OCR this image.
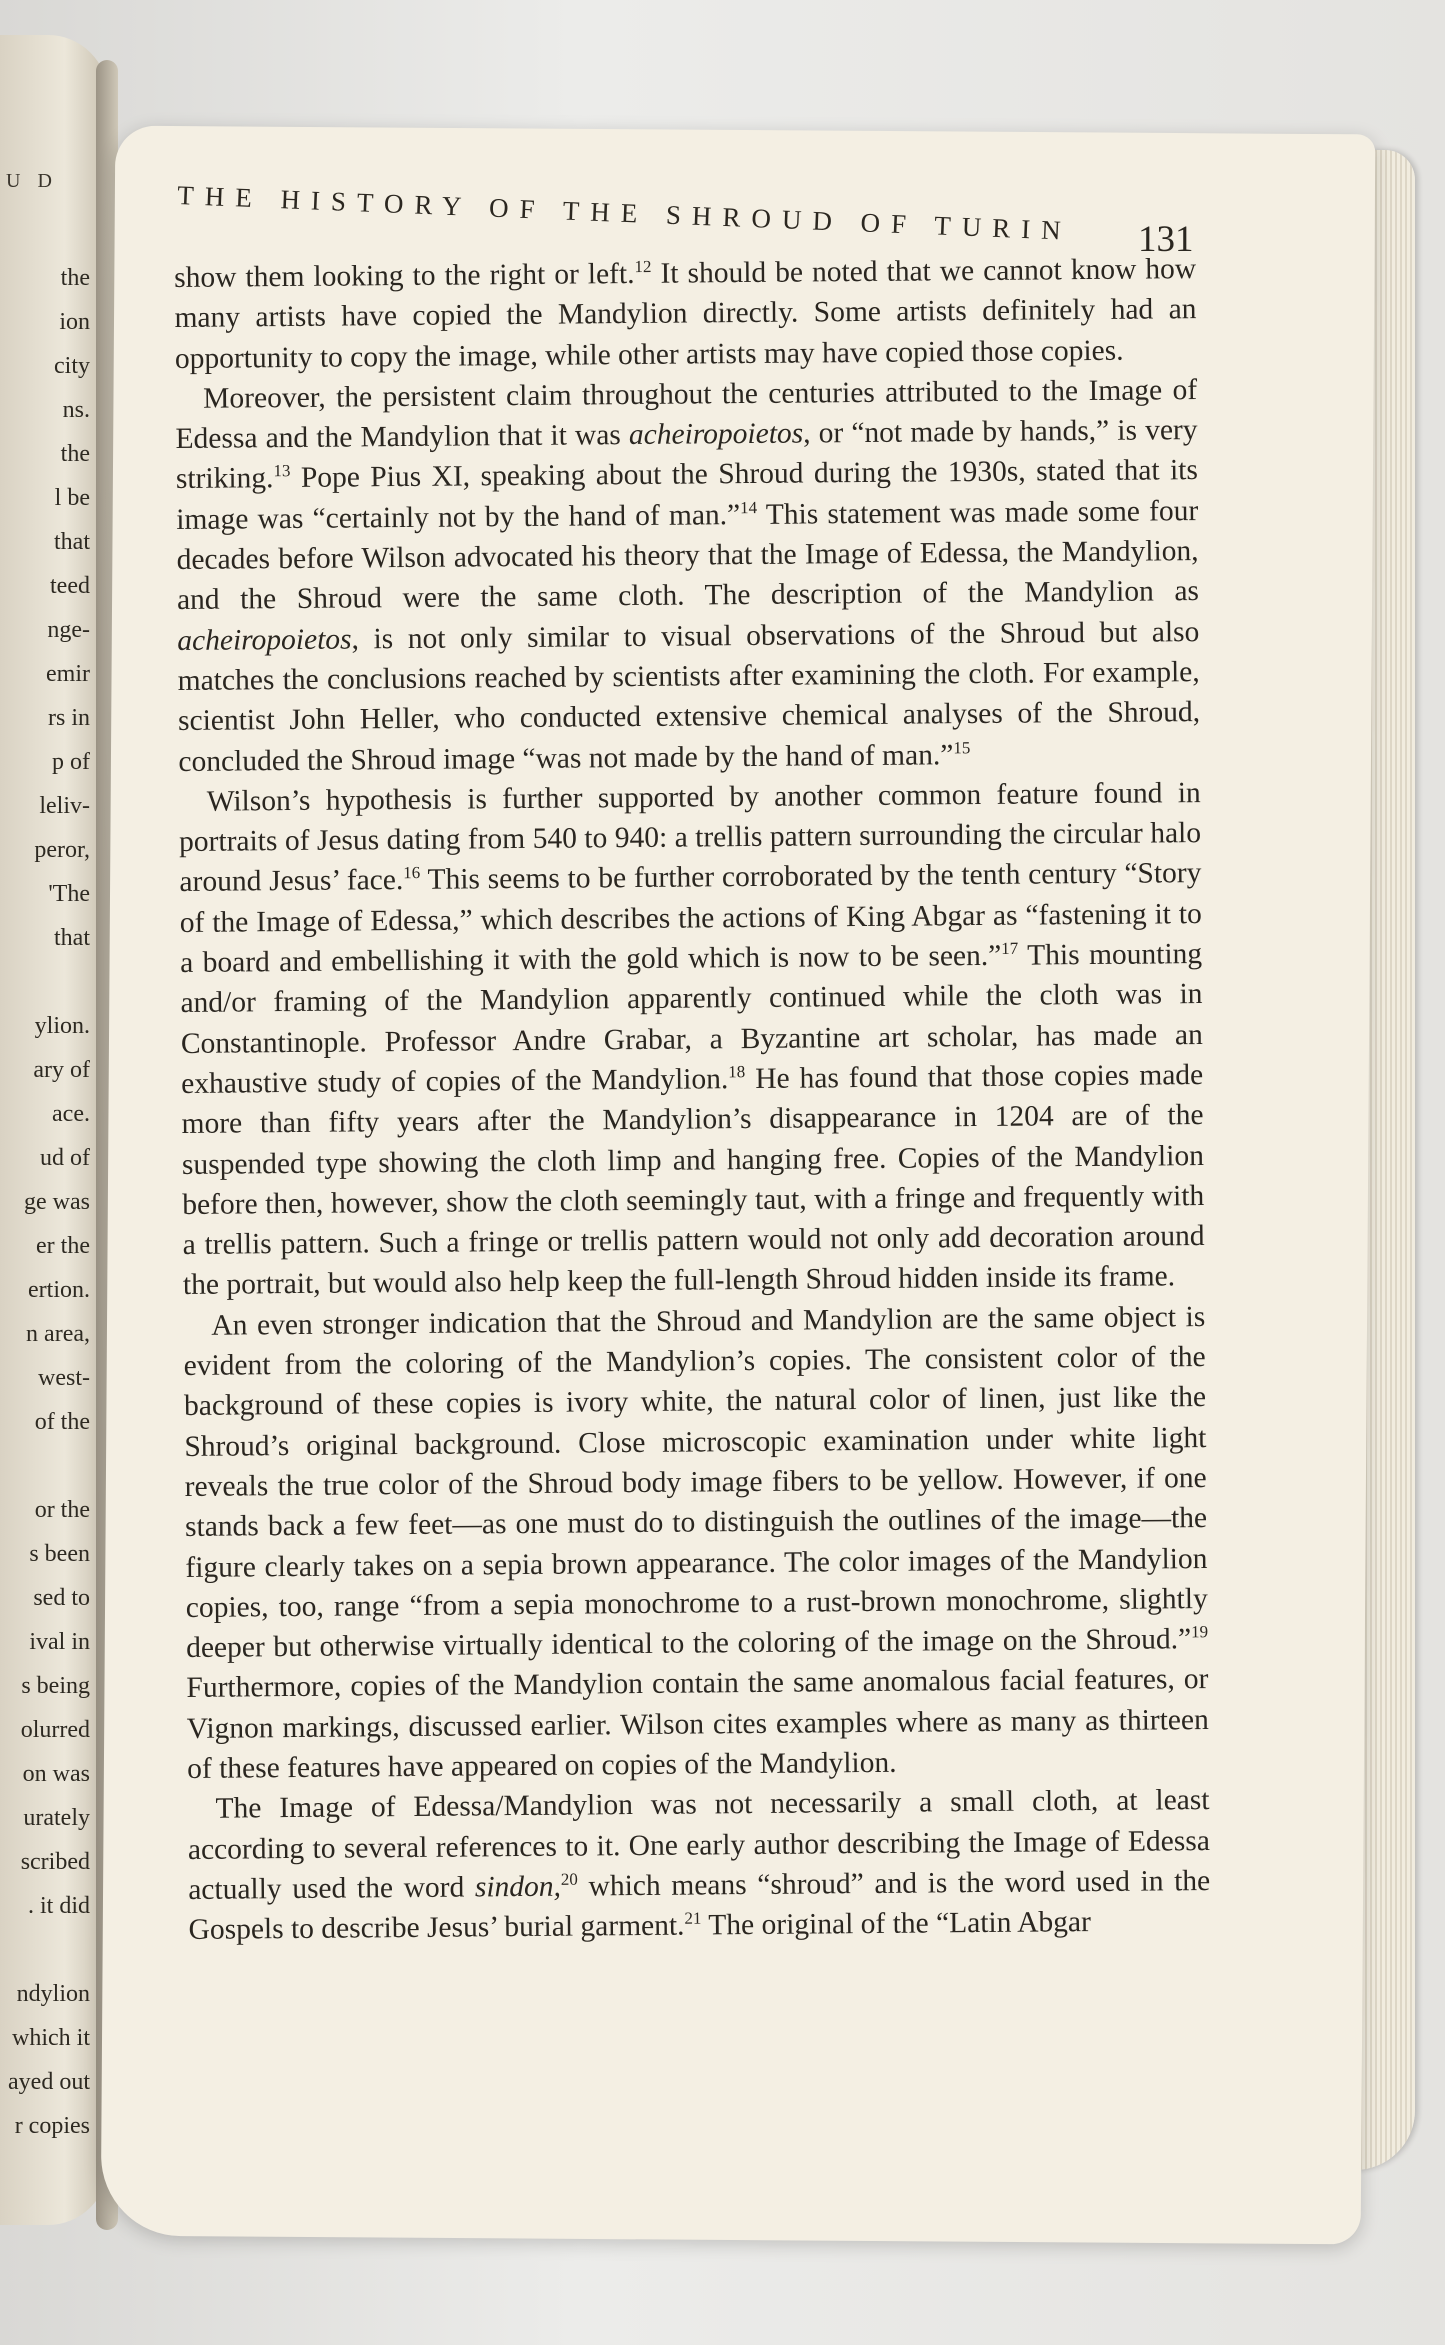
U D
the
ion
city
ns.
the
l be
that
teed
nge-
emir
rs in
p of
leliv-
peror,
'The
that
ylion.
ary of
ace.
ud of
ge was
er the
ertion.
n area,
west-
of the
or the
s been
sed to
ival in
s being
olurred
on was
urately
scribed
. it did
ndylion
which it
ayed out
r copies
THE HISTORY OF THE SHROUD OF TURIN 131

show them looking to the right or left.$^{12}$ It should be noted that we cannot know how many artists have copied the Mandylion directly. Some artists definitely had an opportunity to copy the image, while other artists may have copied those copies.

Moreover, the persistent claim throughout the centuries attributed to the Image of Edessa and the Mandylion that it was acheiropoietos, or “not made by hands,” is very striking.$^{13}$ Pope Pius XI, speaking about the Shroud during the 1930s, stated that its image was “certainly not by the hand of man.”$^{14}$ This statement was made some four decades before Wilson advocated his theory that the Image of Edessa, the Mandylion, and the Shroud were the same cloth. The description of the Mandylion as acheiropoietos, is not only similar to visual observations of the Shroud but also matches the conclusions reached by scientists after examining the cloth. For example, scientist John Heller, who conducted extensive chemical analyses of the Shroud, concluded the Shroud image “was not made by the hand of man.”$^{15}$

Wilson’s hypothesis is further supported by another common feature found in portraits of Jesus dating from 540 to 940: a trellis pattern surrounding the circular halo around Jesus’ face.$^{16}$ This seems to be further corroborated by the tenth century “Story of the Image of Edessa,” which describes the actions of King Abgar as “fastening it to a board and embellishing it with the gold which is now to be seen.”$^{17}$ This mounting and/or framing of the Mandylion apparently continued while the cloth was in Constantinople. Professor Andre Grabar, a Byzantine art scholar, has made an exhaustive study of copies of the Mandylion.$^{18}$ He has found that those copies made more than fifty years after the Mandylion’s disappearance in 1204 are of the suspended type showing the cloth limp and hanging free. Copies of the Mandylion before then, however, show the cloth seemingly taut, with a fringe and frequently with a trellis pattern. Such a fringe or trellis pattern would not only add decoration around the portrait, but would also help keep the full-length Shroud hidden inside its frame.

An even stronger indication that the Shroud and Mandylion are the same object is evident from the coloring of the Mandylion’s copies. The consistent color of the background of these copies is ivory white, the natural color of linen, just like the Shroud’s original background. Close microscopic examination under white light reveals the true color of the Shroud body image fibers to be yellow. However, if one stands back a few feet—as one must do to distinguish the outlines of the image—the figure clearly takes on a sepia brown appearance. The color images of the Mandylion copies, too, range “from a sepia monochrome to a rust-brown monochrome, slightly deeper but otherwise virtually identical to the coloring of the image on the Shroud.”$^{19}$ Furthermore, copies of the Mandylion contain the same anomalous facial features, or Vignon markings, discussed earlier. Wilson cites examples where as many as thirteen of these features have appeared on copies of the Mandylion.

The Image of Edessa/Mandylion was not necessarily a small cloth, at least according to several references to it. One early author describing the Image of Edessa actually used the word sindon,$^{20}$ which means “shroud” and is the word used in the Gospels to describe Jesus’ burial garment.$^{21}$ The original of the “Latin Abgar
